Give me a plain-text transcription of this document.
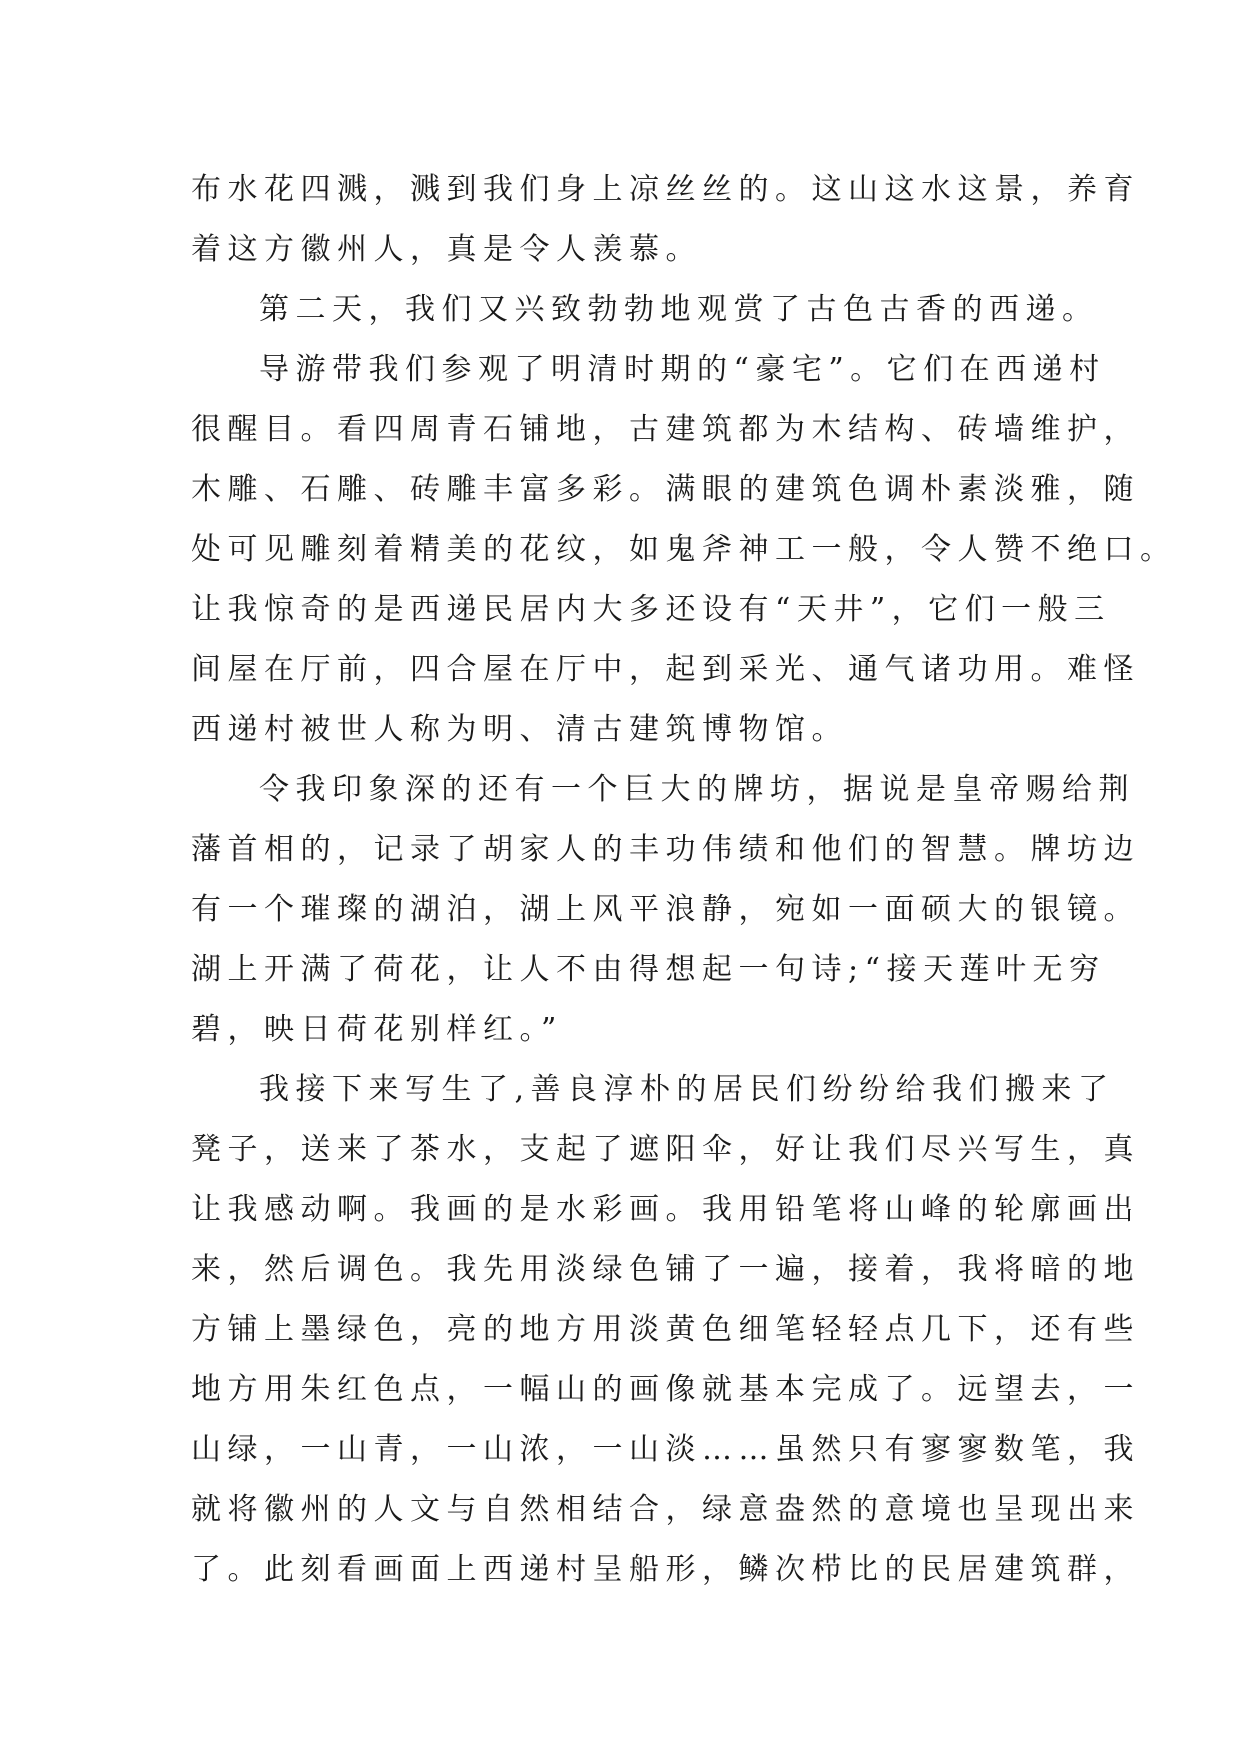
布水花四溅，溅到我们身上凉丝丝的。这山这水这景，养育
着这方徽州人，真是令人羡慕。
第二天，我们又兴致勃勃地观赏了古色古香的西递。
导游带我们参观了明清时期的“豪宅”。它们在西递村
很醒目。看四周青石铺地，古建筑都为木结构、砖墙维护，
木雕、石雕、砖雕丰富多彩。满眼的建筑色调朴素淡雅，随
处可见雕刻着精美的花纹，如鬼斧神工一般，令人赞不绝口。
让我惊奇的是西递民居内大多还设有“天井”，它们一般三
间屋在厅前，四合屋在厅中，起到采光、通气诸功用。难怪
西递村被世人称为明、清古建筑博物馆。
令我印象深的还有一个巨大的牌坊，据说是皇帝赐给荆
藩首相的，记录了胡家人的丰功伟绩和他们的智慧。牌坊边
有一个璀璨的湖泊，湖上风平浪静，宛如一面硕大的银镜。
湖上开满了荷花，让人不由得想起一句诗;“接天莲叶无穷
碧，映日荷花别样红。”
我接下来写生了,善良淳朴的居民们纷纷给我们搬来了
凳子，送来了茶水，支起了遮阳伞，好让我们尽兴写生，真
让我感动啊。我画的是水彩画。我用铅笔将山峰的轮廓画出
来，然后调色。我先用淡绿色铺了一遍，接着，我将暗的地
方铺上墨绿色，亮的地方用淡黄色细笔轻轻点几下，还有些
地方用朱红色点，一幅山的画像就基本完成了。远望去，一
山绿，一山青，一山浓，一山淡……虽然只有寥寥数笔，我
就将徽州的人文与自然相结合，绿意盎然的意境也呈现出来
了。此刻看画面上西递村呈船形，鳞次栉比的民居建筑群，
